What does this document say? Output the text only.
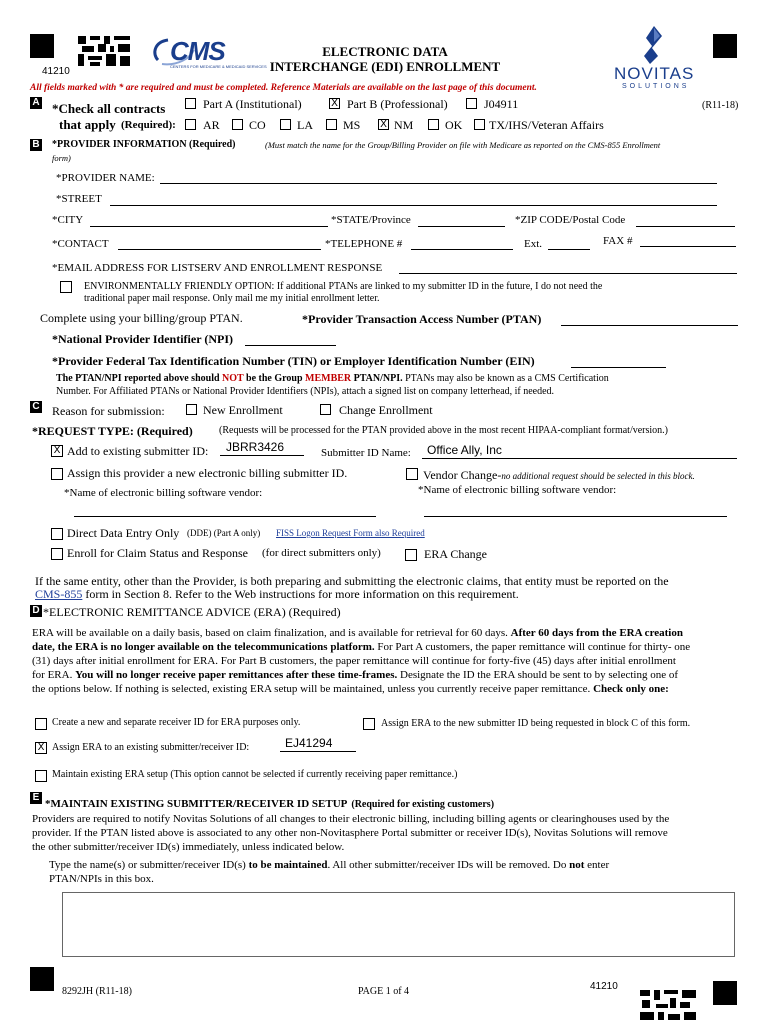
41210
CMS
CENTERS FOR MEDICARE & MEDICAID SERVICES
ELECTRONIC DATA
INTERCHANGE (EDI) ENROLLMENT	NOVITAS
SOLUTIONS
All fields marked with * are required and must be completed. Reference Materials are available on the last page of this document.
A *Check all contracts
that apply (Required):
(R11-18)
Part A (Institutional)	X Part B (Professional)	J04911
AR CO	LA	MS X NM	OK TX/IHS/Veteran Affairs
B *PROVIDER INFORMATION (Required)	(Must match the name for the Group/Billing Provider on file with Medicare as reported on the CMS-855 Enrollment
form)
*PROVIDER NAME:
*STREET
*CITY	*STATE/Province	*ZIP CODE/Postal Code
*CONTACT	*TELEPHONE #	Ext.	FAX #
*EMAIL ADDRESS FOR LISTSERV AND ENROLLMENT RESPONSE
ENVIRONMENTALLY FRIENDLY OPTION: If additional PTANs are linked to my submitter ID in the future, I do not need the
traditional paper mail response. Only mail me my initial enrollment letter.
Complete using your billing/group PTAN.	*Provider Transaction Access Number (PTAN)
*National Provider Identifier (NPI)
*Provider Federal Tax Identification Number (TIN) or Employer Identification Number (EIN)
The PTAN/NPI reported above should NOT be the Group MEMBER PTAN/NPI. PTANs may also be known as a CMS Certification
Number. For Affiliated PTANs or National Provider Identifiers (NPIs), attach a signed list on company letterhead, if needed.
C Reason for submission:	New Enrollment	Change Enrollment
*REQUEST TYPE: (Required)	(Requests will be processed for the PTAN provided above in the most recent HIPAA-compliant format/version.)
X Add to existing submitter ID: JBRR3426	Submitter ID Name: Office Ally, Inc
Assign this provider a new electronic billing submitter ID.	Vendor Change-no additional request should be selected in this block.
*Name of electronic billing software vendor:	*Name of electronic billing software vendor:
Direct Data Entry Only (DDE) (Part A only) FISS Logon Request Form also Required
Enroll for Claim Status and Response (for direct submitters only)	ERA Change
If the same entity, other than the Provider, is both preparing and submitting the electronic claims, that entity must be reported on the
CMS-855 form in Section 8. Refer to the Web instructions for more information on this requirement.
D *ELECTRONIC REMITTANCE ADVICE (ERA) (Required)
ERA will be available on a daily basis, based on claim finalization, and is available for retrieval for 60 days. After 60 days from the ERA creation
date, the ERA is no longer available on the telecommunications platform. For Part A customers, the paper remittance will continue for thirty- one
(31) days after initial enrollment for ERA. For Part B customers, the paper remittance will continue for forty-five (45) days after initial enrollment
for ERA. You will no longer receive paper remittances after these time-frames. Designate the ID the ERA should be sent to by selecting one of
the options below. If nothing is selected, existing ERA setup will be maintained, unless you currently receive paper remittance. Check only one:
Create a new and separate receiver ID for ERA purposes only.	Assign ERA to the new submitter ID being requested in block C of this form.
X Assign ERA to an existing submitter/receiver ID:	EJ41294
Maintain existing ERA setup (This option cannot be selected if currently receiving paper remittance.)
E
*MAINTAIN EXISTING SUBMITTER/RECEIVER ID SETUP (Required for existing customers)
Providers are required to notify Novitas Solutions of all changes to their electronic billing, including billing agents or clearinghouses used by the
provider. If the PTAN listed above is associated to any other non-Novitasphere Portal submitter or receiver ID(s), Novitas Solutions will remove
the other submitter/receiver ID(s) immediately, unless indicated below.
Type the name(s) or submitter/receiver ID(s) to be maintained. All other submitter/receiver IDs will be removed. Do not enter
PTAN/NPIs in this box.
8292JH (R11-18)	PAGE 1 of 4	41210
